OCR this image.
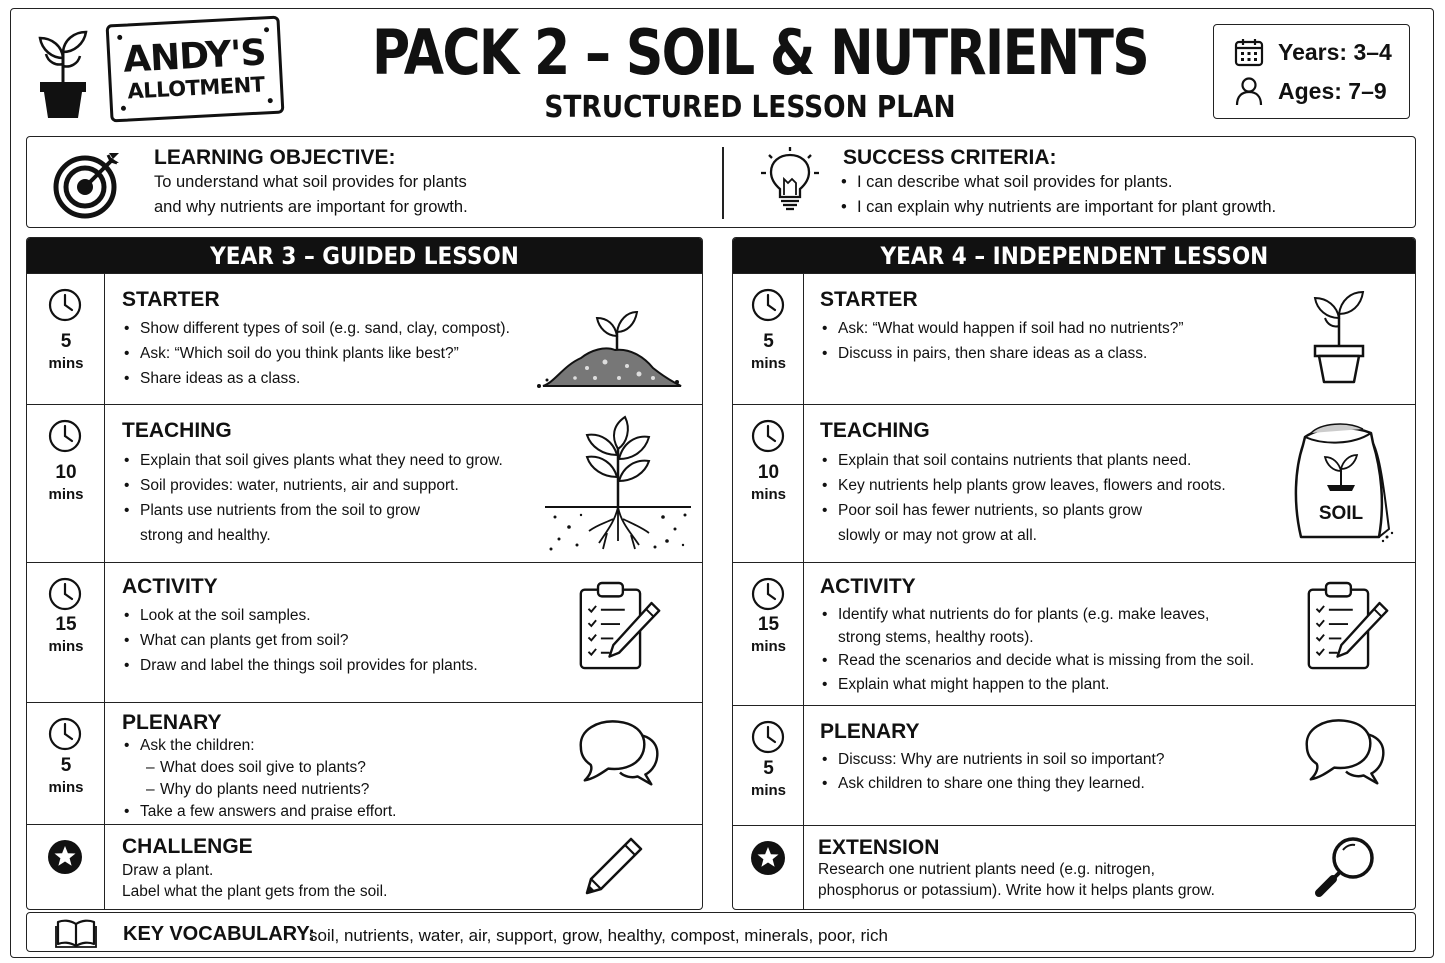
ANDY'S
ALLOTMENT PACK 2 – SOIL & NUTRIENTS
STRUCTURED LESSON PLAN
Years: 3–4
Ages: 7–9
LEARNING OBJECTIVE:
To understand what soil provides for plants
and why nutrients are important for growth.
SUCCESS CRITERIA:
• I can describe what soil provides for plants.
• I can explain why nutrients are important for plant growth.
YEAR 3 – GUIDED LESSON
5
mins
STARTER
• Show different types of soil (e.g. sand, clay, compost).
• Ask: “Which soil do you think plants like best?”
• Share ideas as a class.
10
mins
TEACHING
• Explain that soil gives plants what they need to grow.
• Soil provides: water, nutrients, air and support.
• Plants use nutrients from the soil to grow
strong and healthy.
15
mins
ACTIVITY
• Look at the soil samples.
• What can plants get from soil?
• Draw and label the things soil provides for plants.
5
mins
PLENARY
• Ask the children:
– What does soil give to plants?
– Why do plants need nutrients?
• Take a few answers and praise effort.
CHALLENGE
Draw a plant.
Label what the plant gets from the soil.
YEAR 4 – INDEPENDENT LESSON
5
mins
STARTER
• Ask: “What would happen if soil had no nutrients?”
• Discuss in pairs, then share ideas as a class.
10
mins
TEACHING
• Explain that soil contains nutrients that plants need.
• Key nutrients help plants grow leaves, flowers and roots.
• Poor soil has fewer nutrients, so plants grow
slowly or may not grow at all.
SOIL
15
mins
ACTIVITY
• Identify what nutrients do for plants (e.g. make leaves,
strong stems, healthy roots).
• Read the scenarios and decide what is missing from the soil.
• Explain what might happen to the plant.
5
mins
PLENARY
• Discuss: Why are nutrients in soil so important?
• Ask children to share one thing they learned.
EXTENSION
Research one nutrient plants need (e.g. nitrogen,
phosphorus or potassium). Write how it helps plants grow.
KEY VOCABULARY:
soil, nutrients, water, air, support, grow, healthy, compost, minerals, poor, rich
